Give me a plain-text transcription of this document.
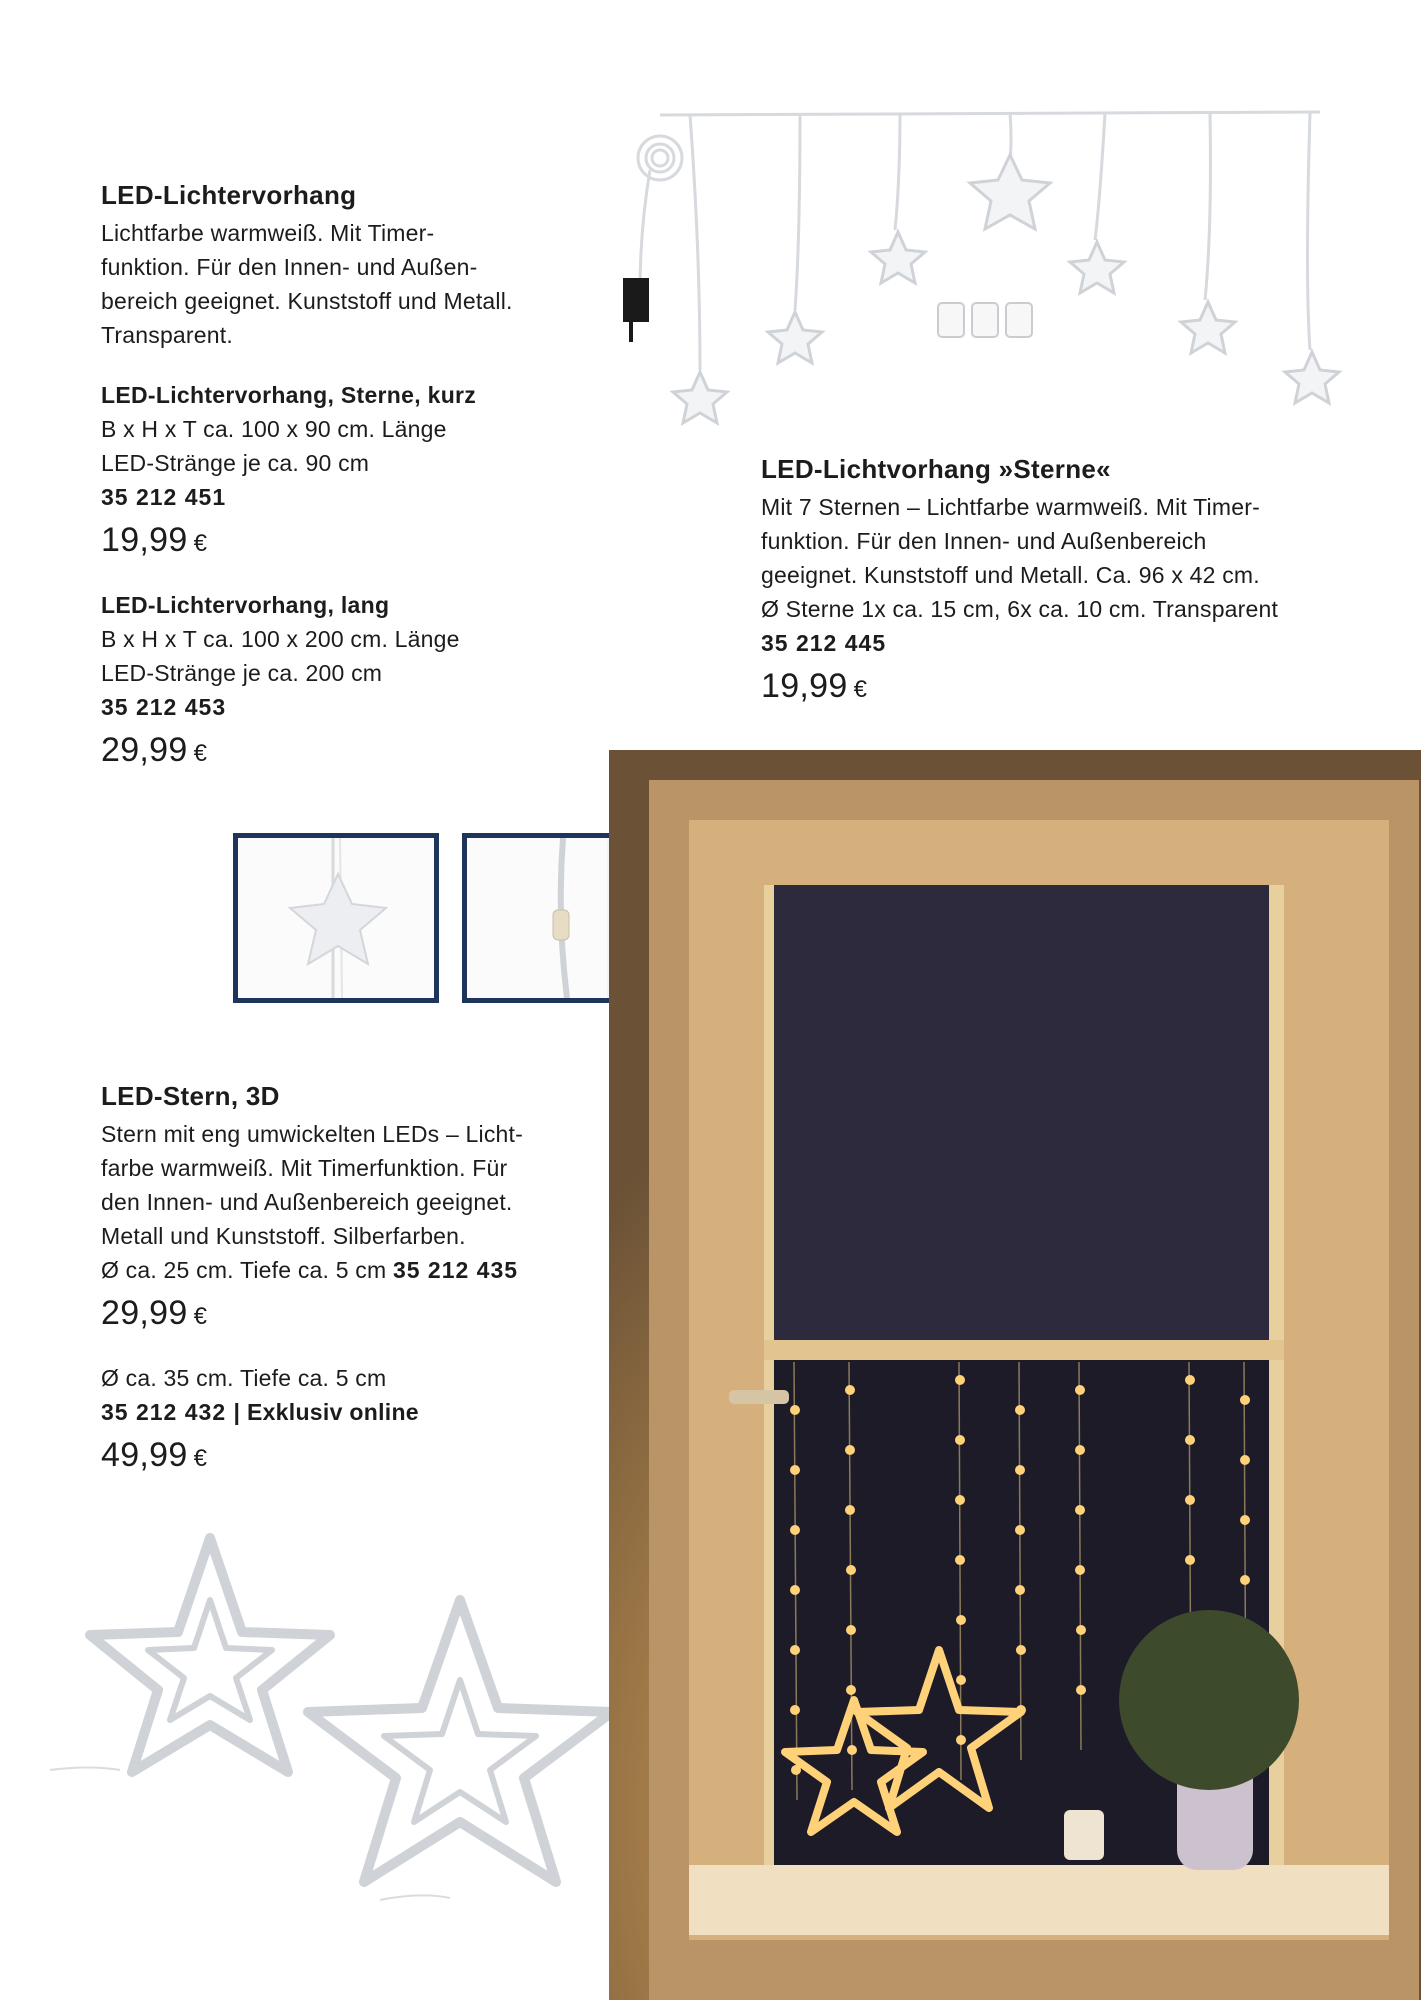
LED-Lichtervorhang

Lichtfarbe warmweiß. Mit Timer-
funktion. Für den Innen- und Außen-
bereich geeignet. Kunststoff und Metall.
Transparent.

LED-Lichtervorhang, Sterne, kurz

B x H x T ca. 100 x 90 cm. Länge
LED-Stränge je ca. 90 cm

35 212 451

19,99 €

LED-Lichtervorhang, lang

B x H x T ca. 100 x 200 cm. Länge
LED-Stränge je ca. 200 cm

35 212 453

29,99 €

LED-Lichtvorhang »Sterne«

Mit 7 Sternen – Lichtfarbe warmweiß. Mit Timer-
funktion. Für den Innen- und Außenbereich
geeignet. Kunststoff und Metall. Ca. 96 x 42 cm.
Ø Sterne 1x ca. 15 cm, 6x ca. 10 cm. Transparent

35 212 445

19,99 €

LED-Stern, 3D

Stern mit eng umwickelten LEDs – Licht-
farbe warmweiß. Mit Timerfunktion. Für
den Innen- und Außenbereich geeignet.
Metall und Kunststoff. Silberfarben.

Ø ca. 25 cm. Tiefe ca. 5 cm 35 212 435

29,99 €

Ø ca. 35 cm. Tiefe ca. 5 cm

35 212 432 | Exklusiv online

49,99 €
